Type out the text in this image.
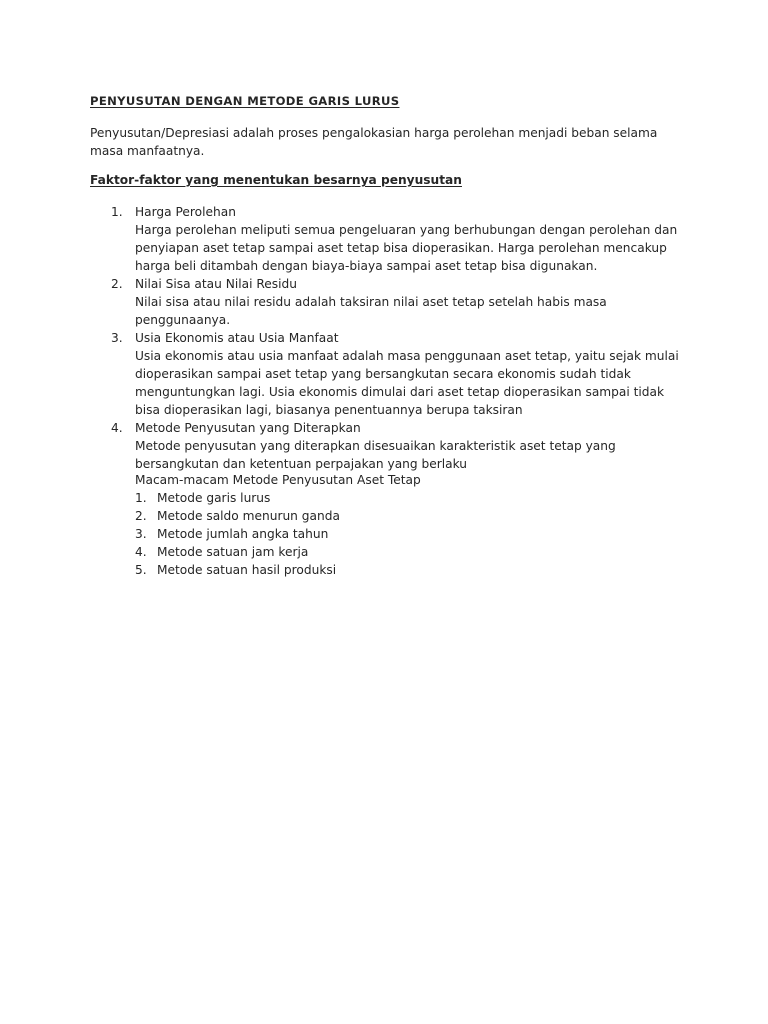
PENYUSUTAN DENGAN METODE GARIS LURUS
Penyusutan/Depresiasi adalah proses pengalokasian harga perolehan menjadi beban selama masa manfaatnya.
Faktor-faktor yang menentukan besarnya penyusutan
1. Harga Perolehan
Harga perolehan meliputi semua pengeluaran yang berhubungan dengan perolehan dan penyiapan aset tetap sampai aset tetap bisa dioperasikan. Harga perolehan mencakup harga beli ditambah dengan biaya-biaya sampai aset tetap bisa digunakan.
2. Nilai Sisa atau Nilai Residu
Nilai sisa atau nilai residu adalah taksiran nilai aset tetap setelah habis masa penggunaanya.
3. Usia Ekonomis atau Usia Manfaat
Usia ekonomis atau usia manfaat adalah masa penggunaan aset tetap, yaitu sejak mulai dioperasikan sampai aset tetap yang bersangkutan secara ekonomis sudah tidak menguntungkan lagi. Usia ekonomis dimulai dari aset tetap dioperasikan sampai tidak bisa dioperasikan lagi, biasanya penentuannya berupa taksiran
4. Metode Penyusutan yang Diterapkan
Metode penyusutan yang diterapkan disesuaikan karakteristik aset tetap yang bersangkutan dan ketentuan perpajakan yang berlaku
Macam-macam Metode Penyusutan Aset Tetap
1. Metode garis lurus
2. Metode saldo menurun ganda
3. Metode jumlah angka tahun
4. Metode satuan jam kerja
5. Metode satuan hasil produksi
